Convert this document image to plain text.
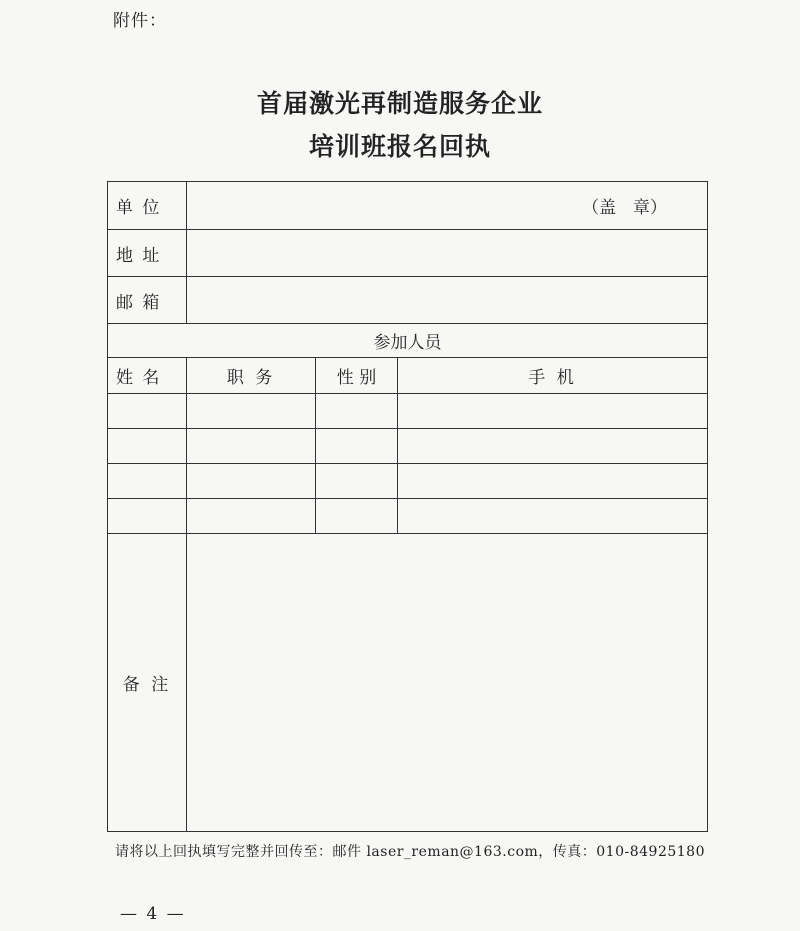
附件：
首届激光再制造服务企业
培训班报名回执
单 位	（盖　章）		
地 址			
邮 箱			
参加人员			
姓 名	职 务	性 别	手 机

备 注			
请将以上回执填写完整并回传至：邮件 laser_reman@163.com，传真：010-84925180
— 4 —
